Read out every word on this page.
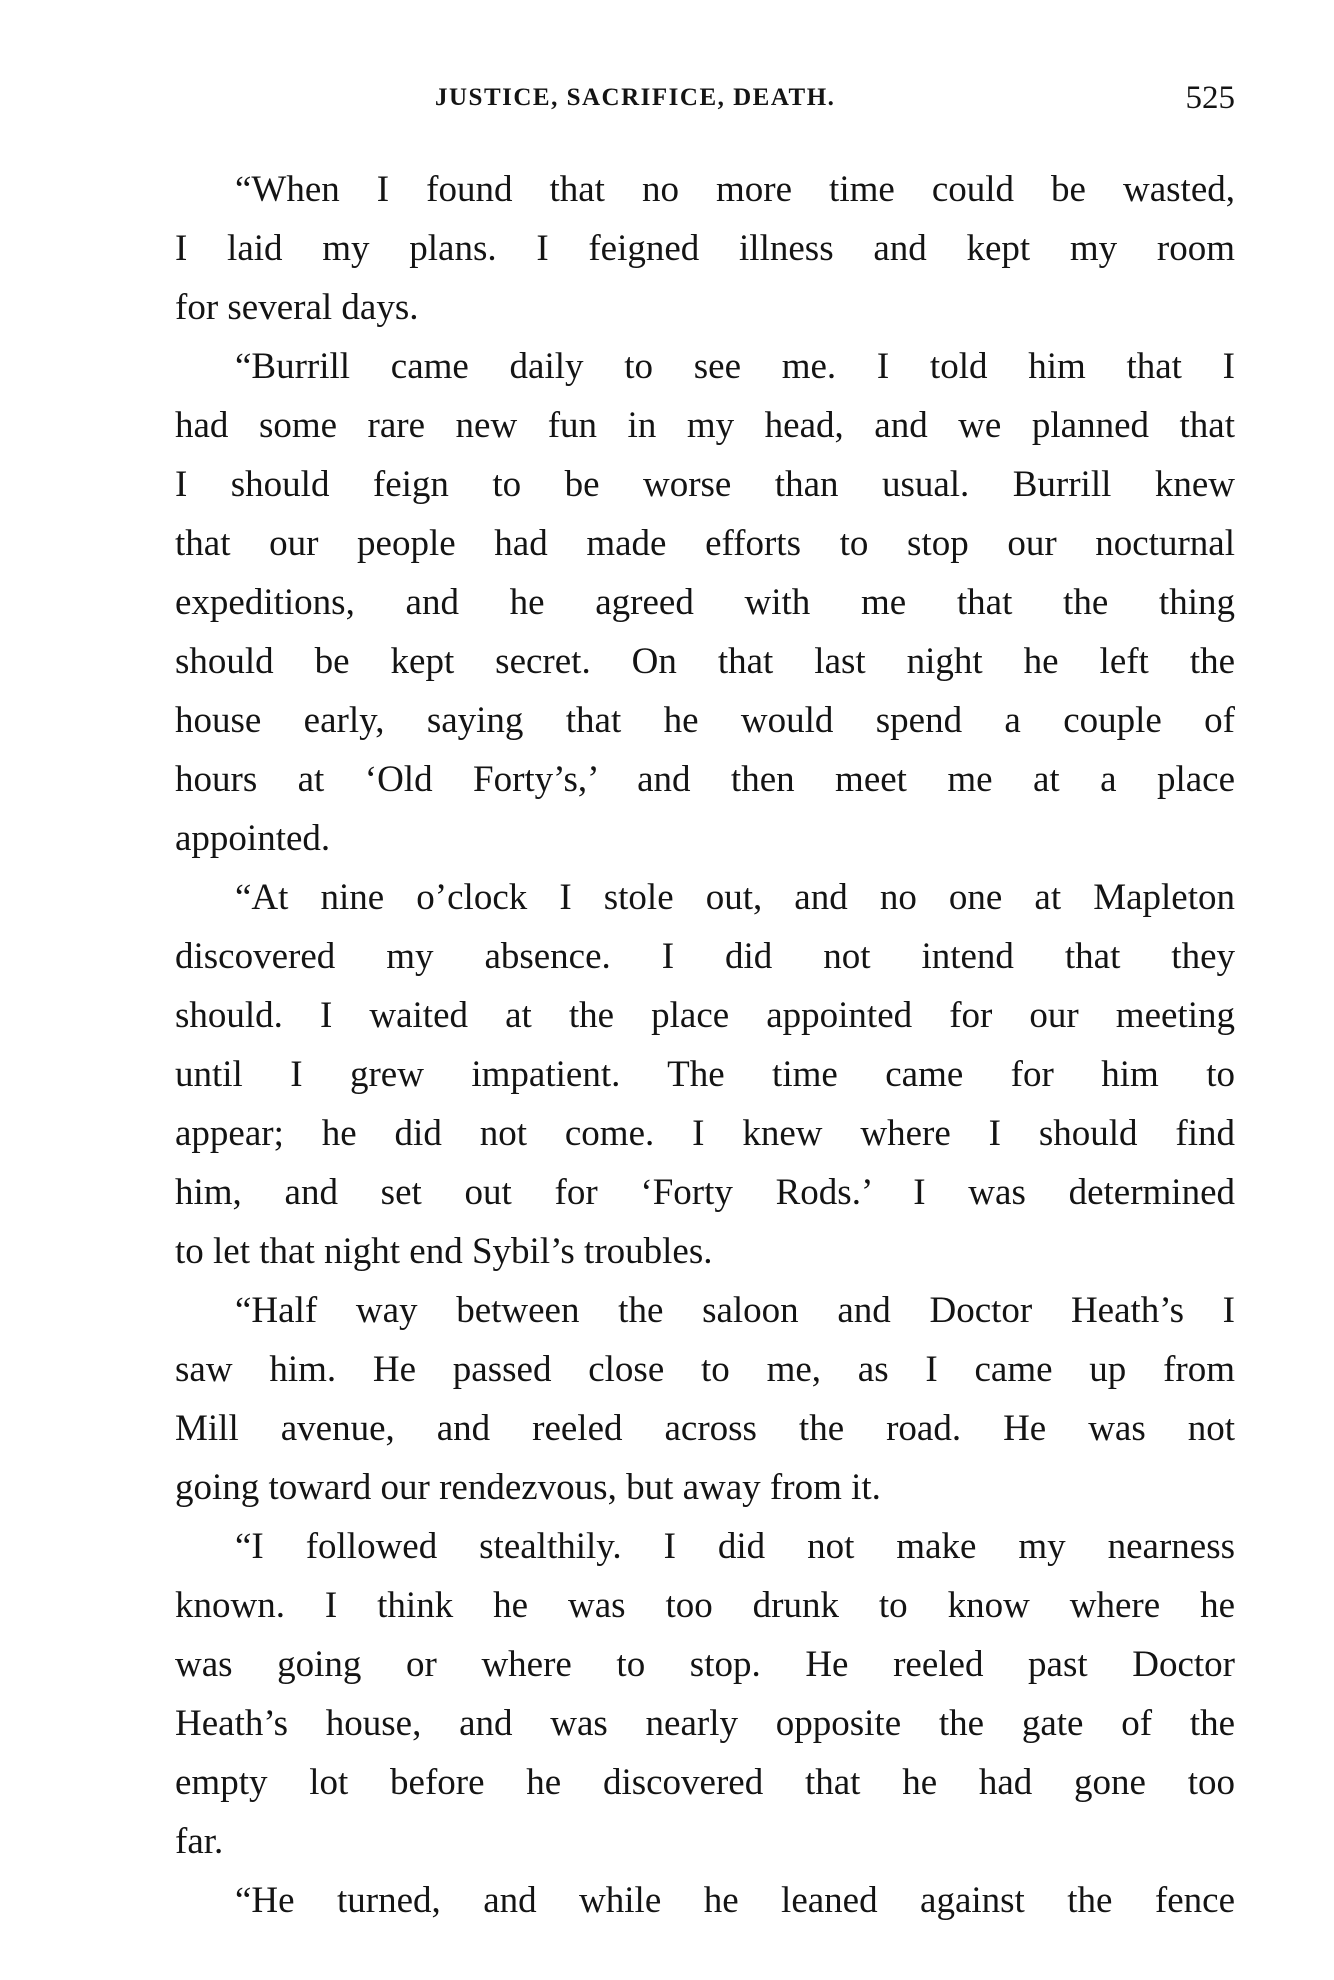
JUSTICE, SACRIFICE, DEATH.	525
“When I found that no more time could be wasted,
I laid my plans. I feigned illness and kept my room
for several days.
“Burrill came daily to see me. I told him that I
had some rare new fun in my head, and we planned that
I should feign to be worse than usual. Burrill knew
that our people had made efforts to stop our nocturnal
expeditions, and he agreed with me that the thing
should be kept secret. On that last night he left the
house early, saying that he would spend a couple of
hours at ‘Old Forty’s,’ and then meet me at a place
appointed.
“At nine o’clock I stole out, and no one at Mapleton
discovered my absence. I did not intend that they
should. I waited at the place appointed for our meeting
until I grew impatient. The time came for him to
appear; he did not come. I knew where I should find
him, and set out for ‘Forty Rods.’ I was determined
to let that night end Sybil’s troubles.
“Half way between the saloon and Doctor Heath’s I
saw him. He passed close to me, as I came up from
Mill avenue, and reeled across the road. He was not
going toward our rendezvous, but away from it.
“I followed stealthily. I did not make my nearness
known. I think he was too drunk to know where he
was going or where to stop. He reeled past Doctor
Heath’s house, and was nearly opposite the gate of the
empty lot before he discovered that he had gone too
far.
“He turned, and while he leaned against the fence
